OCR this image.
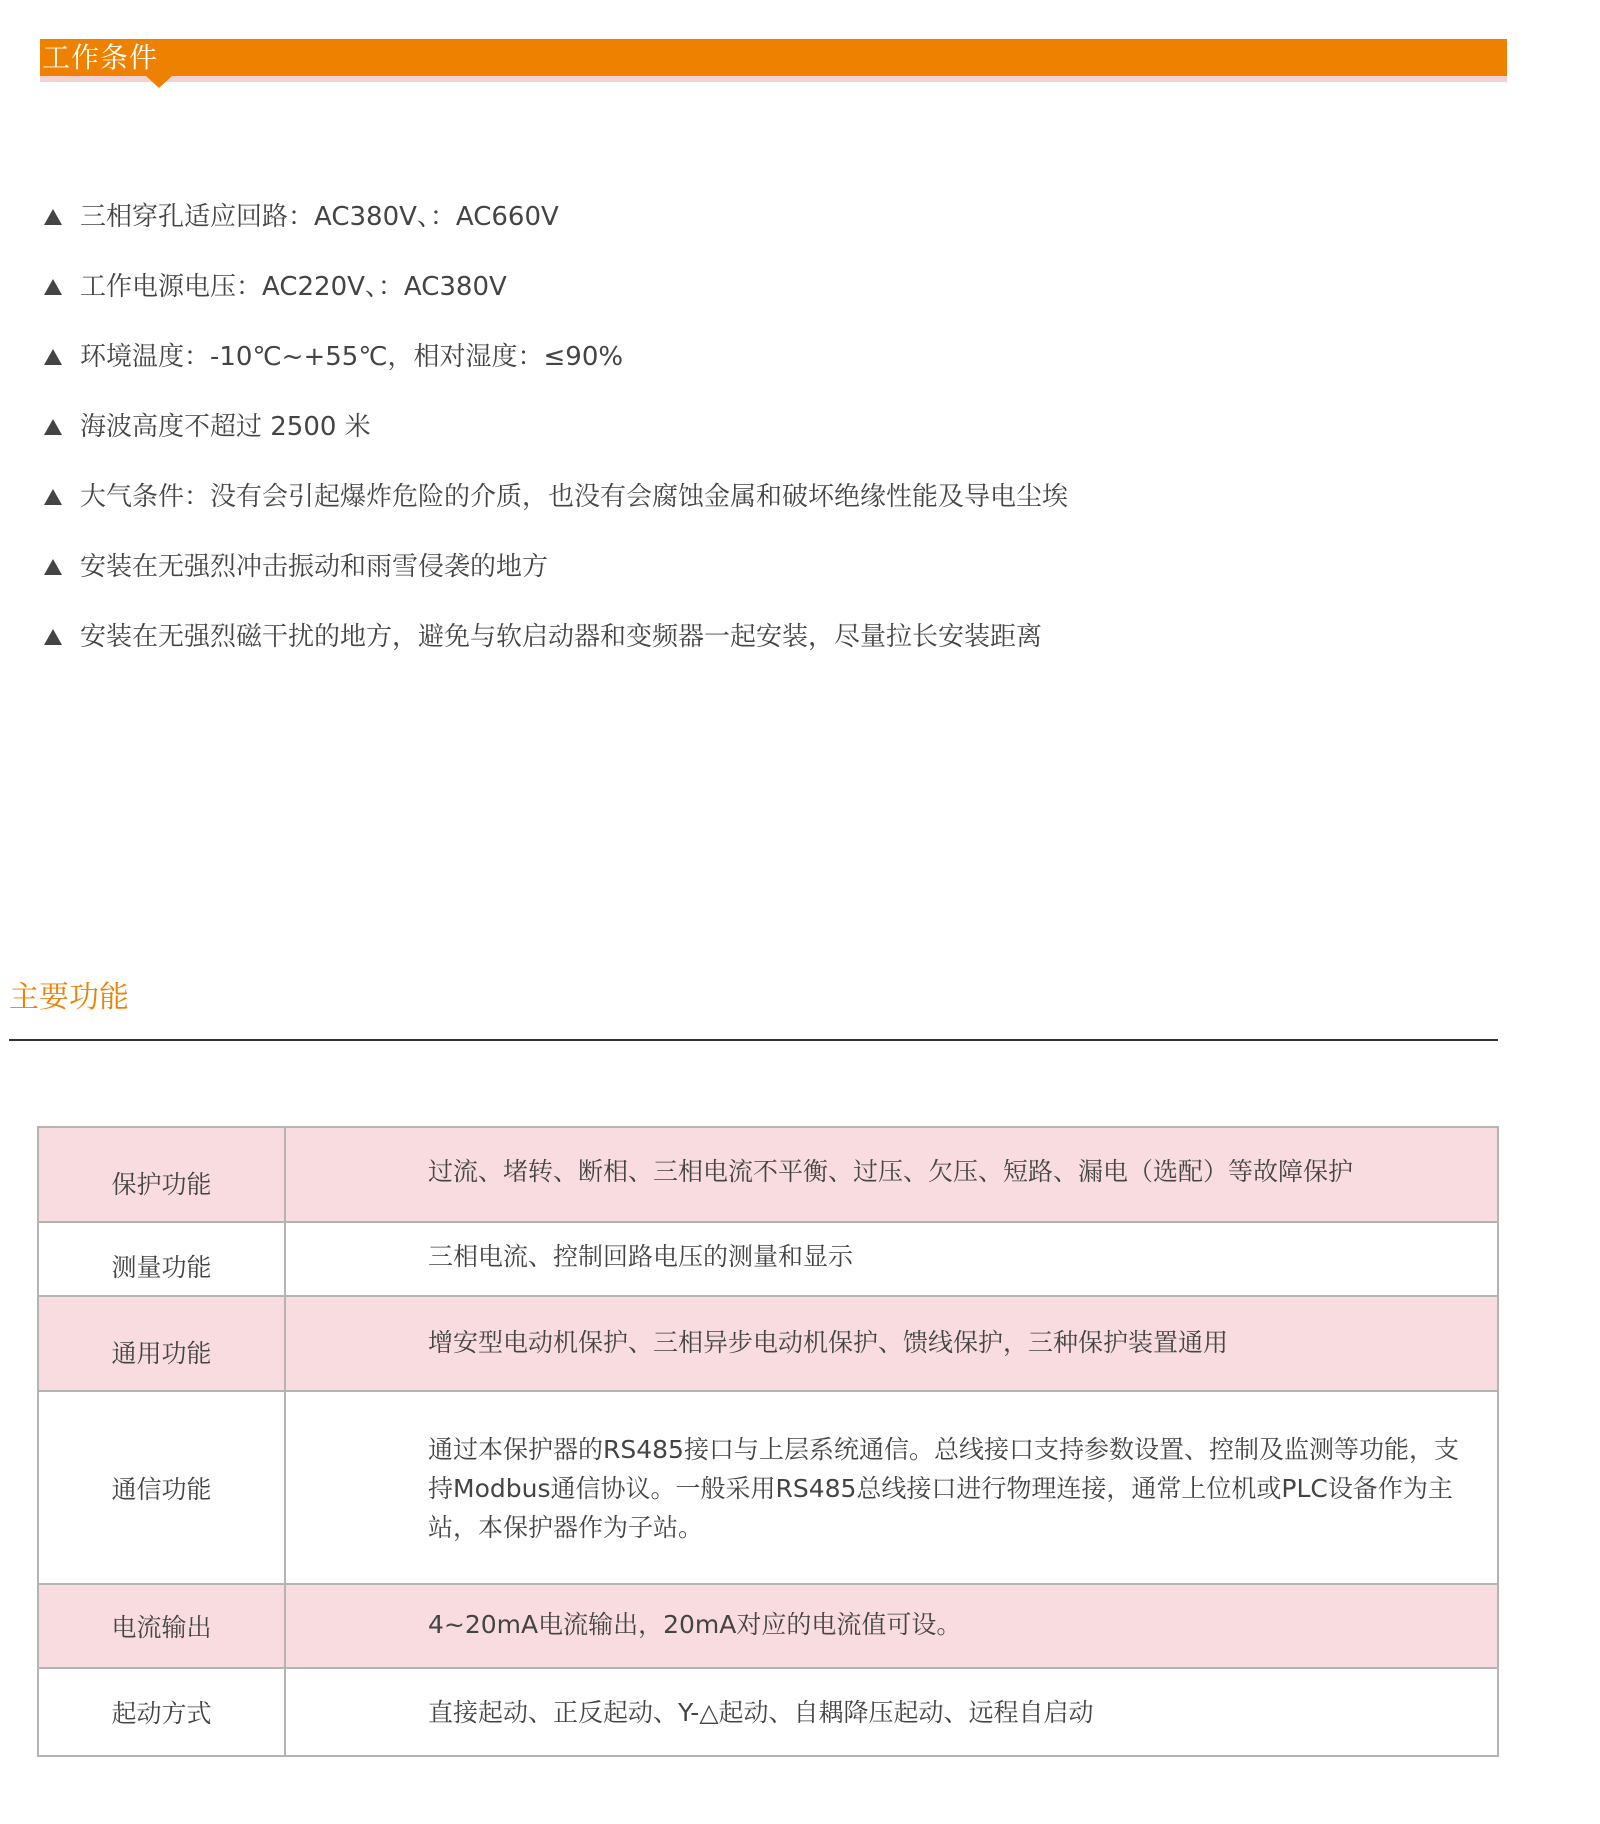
工作条件
三相穿孔适应回路：AC380V、：AC660V
工作电源电压：AC220V、：AC380V
环境温度：-10℃~+55℃，相对湿度：≤90%
海波高度不超过 2500 米
大气条件：没有会引起爆炸危险的介质，也没有会腐蚀金属和破坏绝缘性能及导电尘埃
安装在无强烈冲击振动和雨雪侵袭的地方
安装在无强烈磁干扰的地方，避免与软启动器和变频器一起安装，尽量拉长安装距离
主要功能
保护功能	过流、堵转、断相、三相电流不平衡、过压、欠压、短路、漏电（选配）等故障保护
测量功能	三相电流、控制回路电压的测量和显示
通用功能	增安型电动机保护、三相异步电动机保护、馈线保护，三种保护装置通用
通信功能	通过本保护器的RS485接口与上层系统通信。总线接口支持参数设置、控制及监测等功能，支持Modbus通信协议。一般采用RS485总线接口进行物理连接，通常上位机或PLC设备作为主站，本保护器作为子站。
电流输出	4~20mA电流输出，20mA对应的电流值可设。
起动方式	直接起动、正反起动、Y-△起动、自耦降压起动、远程自启动
